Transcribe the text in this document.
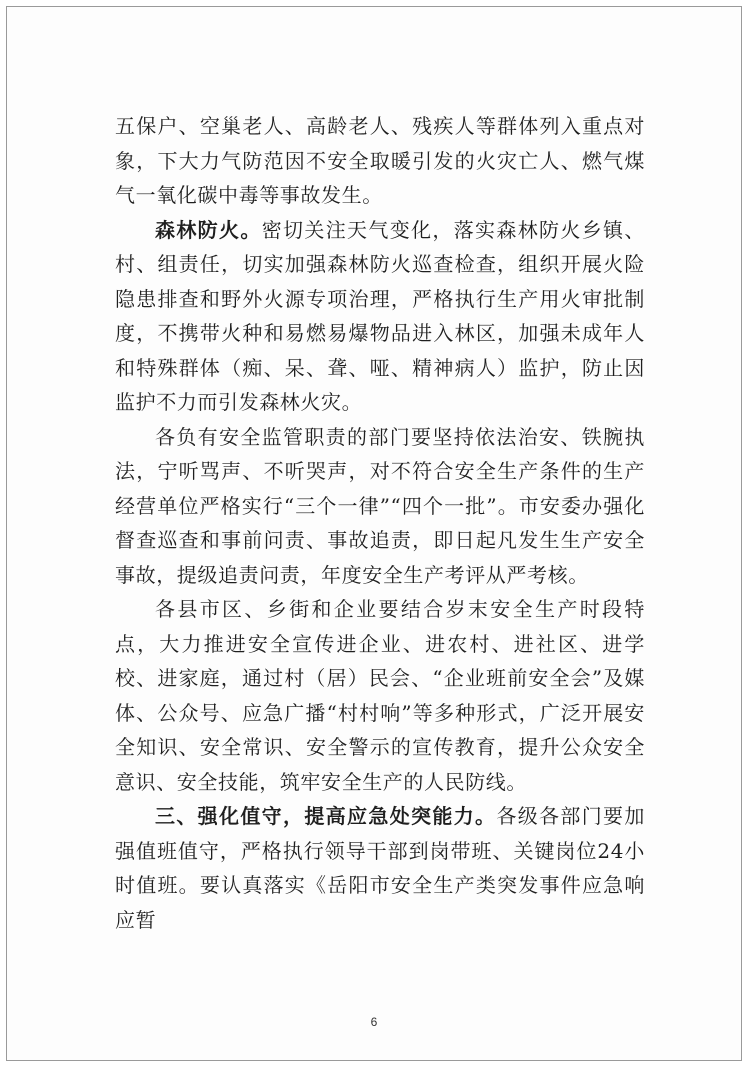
五保户、空巢老人、高龄老人、残疾人等群体列入重点对象，下大力气防范因不安全取暖引发的火灾亡人、燃气煤气一氧化碳中毒等事故发生。

森林防火。密切关注天气变化，落实森林防火乡镇、村、组责任，切实加强森林防火巡查检查，组织开展火险隐患排查和野外火源专项治理，严格执行生产用火审批制度，不携带火种和易燃易爆物品进入林区，加强未成年人和特殊群体（痴、呆、聋、哑、精神病人）监护，防止因监护不力而引发森林火灾。

各负有安全监管职责的部门要坚持依法治安、铁腕执法，宁听骂声、不听哭声，对不符合安全生产条件的生产经营单位严格实行“三个一律”“四个一批”。市安委办强化督查巡查和事前问责、事故追责，即日起凡发生生产安全事故，提级追责问责，年度安全生产考评从严考核。

各县市区、乡街和企业要结合岁末安全生产时段特点，大力推进安全宣传进企业、进农村、进社区、进学校、进家庭，通过村（居）民会、“企业班前安全会”及媒体、公众号、应急广播“村村响”等多种形式，广泛开展安全知识、安全常识、安全警示的宣传教育，提升公众安全意识、安全技能，筑牢安全生产的人民防线。

三、强化值守，提高应急处突能力。各级各部门要加强值班值守，严格执行领导干部到岗带班、关键岗位24小时值班。要认真落实《岳阳市安全生产类突发事件应急响应暂

6
